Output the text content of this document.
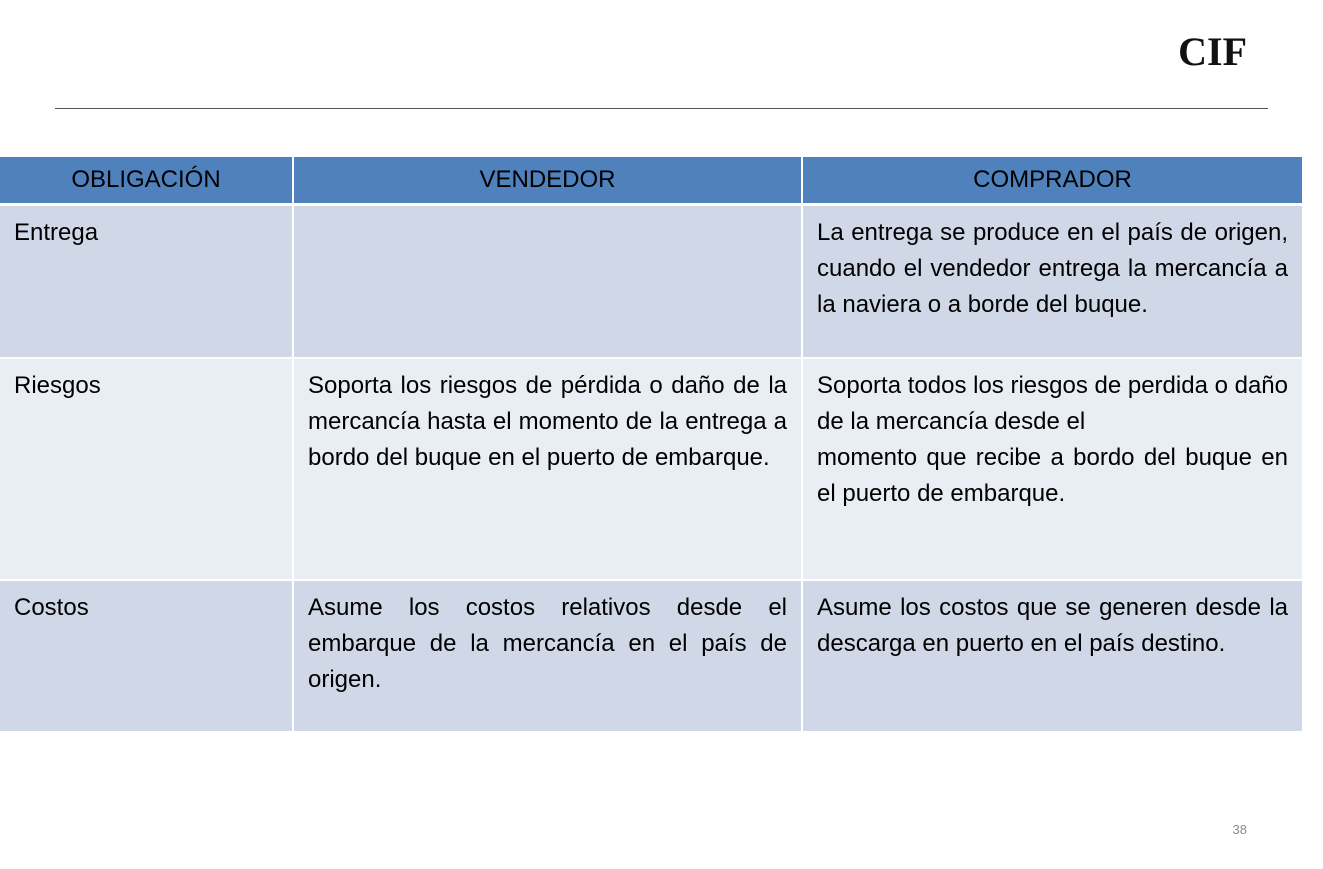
CIF
OBLIGACIÓN	VENDEDOR	COMPRADOR
Entrega		La entrega se produce en el país de origen, cuando el vendedor entrega la mercancía a la naviera o a borde del buque.

Riesgos	Soporta los riesgos de pérdida o daño de la mercancía hasta el momento de la entrega a bordo del buque en el puerto de embarque.	Soporta todos los riesgos de perdida o daño de la mercancía desde el
momento que recibe a bordo del buque en el puerto de embarque.

Costos	Asume los costos relativos desde el embarque de la mercancía en el país de origen.	Asume los costos que se generen desde la descarga en puerto en el país destino.
38
